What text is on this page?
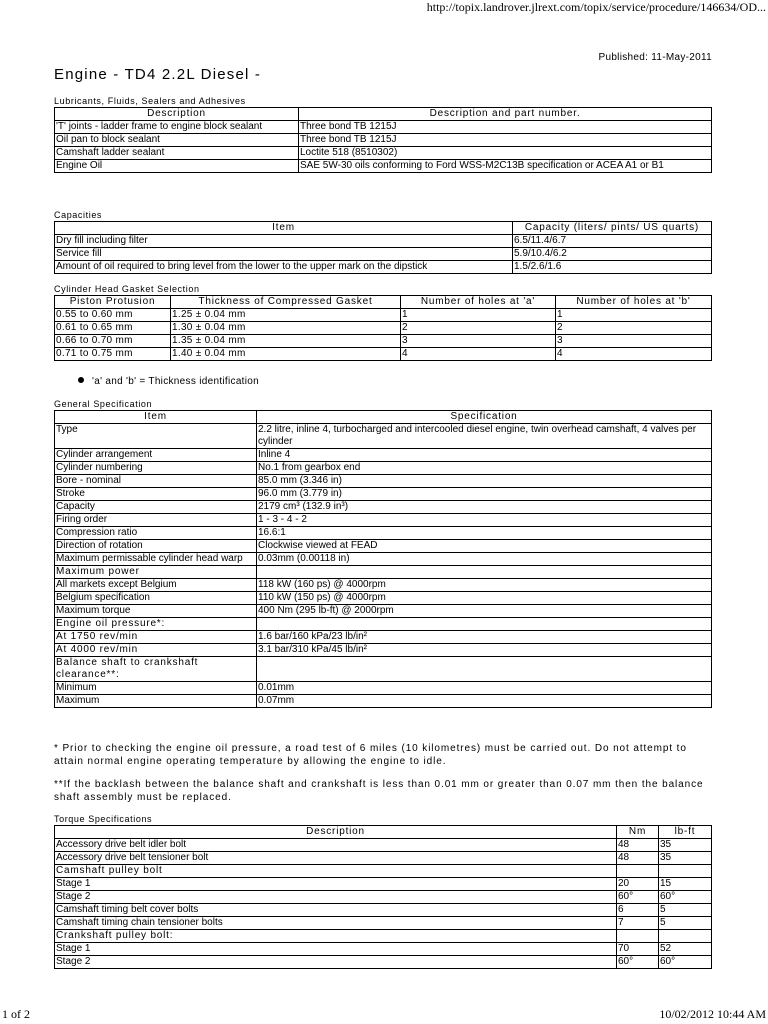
http://topix.landrover.jlrext.com/topix/service/procedure/146634/OD...
Published: 11-May-2011
Engine - TD4 2.2L Diesel -
Lubricants, Fluids, Sealers and Adhesives
Description	Description and part number.
'T' joints - ladder frame to engine block sealant	Three bond TB 1215J
Oil pan to block sealant	Three bond TB 1215J
Camshaft ladder sealant	Loctite 518 (8510302)
Engine Oil	SAE 5W-30 oils conforming to Ford WSS-M2C13B specification or ACEA A1 or B1
Capacities
Item	Capacity (liters/ pints/ US quarts)
Dry fill including filter	6.5/11.4/6.7
Service fill	5.9/10.4/6.2
Amount of oil required to bring level from the lower to the upper mark on the dipstick	1.5/2.6/1.6
Cylinder Head Gasket Selection
Piston Protusion	Thickness of Compressed Gasket	Number of holes at 'a'	Number of holes at 'b'
0.55 to 0.60 mm	1.25 ± 0.04 mm	1	1
0.61 to 0.65 mm	1.30 ± 0.04 mm	2	2
0.66 to 0.70 mm	1.35 ± 0.04 mm	3	3
0.71 to 0.75 mm	1.40 ± 0.04 mm	4	4
'a' and 'b' = Thickness identification
General Specification
Item	Specification
Type	2.2 litre, inline 4, turbocharged and intercooled diesel engine, twin overhead camshaft, 4 valves per cylinder
Cylinder arrangement	Inline 4
Cylinder numbering	No.1 from gearbox end
Bore - nominal	85.0 mm (3.346 in)
Stroke	96.0 mm (3.779 in)
Capacity	2179 cm³ (132.9 in³)
Firing order	1 - 3 - 4 - 2
Compression ratio	16.6:1
Direction of rotation	Clockwise viewed at FEAD
Maximum permissable cylinder head warp	0.03mm (0.00118 in)
Maximum power	
All markets except Belgium	118 kW (160 ps) @ 4000rpm
Belgium specification	110 kW (150 ps) @ 4000rpm
Maximum torque	400 Nm (295 lb-ft) @ 2000rpm
Engine oil pressure*:	
At 1750 rev/min	1.6 bar/160 kPa/23 lb/in²
At 4000 rev/min	3.1 bar/310 kPa/45 lb/in²
Balance shaft to crankshaft clearance**:	
Minimum	0.01mm
Maximum	0.07mm
* Prior to checking the engine oil pressure, a road test of 6 miles (10 kilometres) must be carried out. Do not attempt to attain normal engine operating temperature by allowing the engine to idle.
**If the backlash between the balance shaft and crankshaft is less than 0.01 mm or greater than 0.07 mm then the balance shaft assembly must be replaced.
Torque Specifications
Description	Nm	lb-ft
Accessory drive belt idler bolt	48	35
Accessory drive belt tensioner bolt	48	35
Camshaft pulley bolt		
Stage 1	20	15
Stage 2	60°	60°
Camshaft timing belt cover bolts	6	5
Camshaft timing chain tensioner bolts	7	5
Crankshaft pulley bolt:		
Stage 1	70	52
Stage 2	60°	60°
1 of 2	10/02/2012 10:44 AM
